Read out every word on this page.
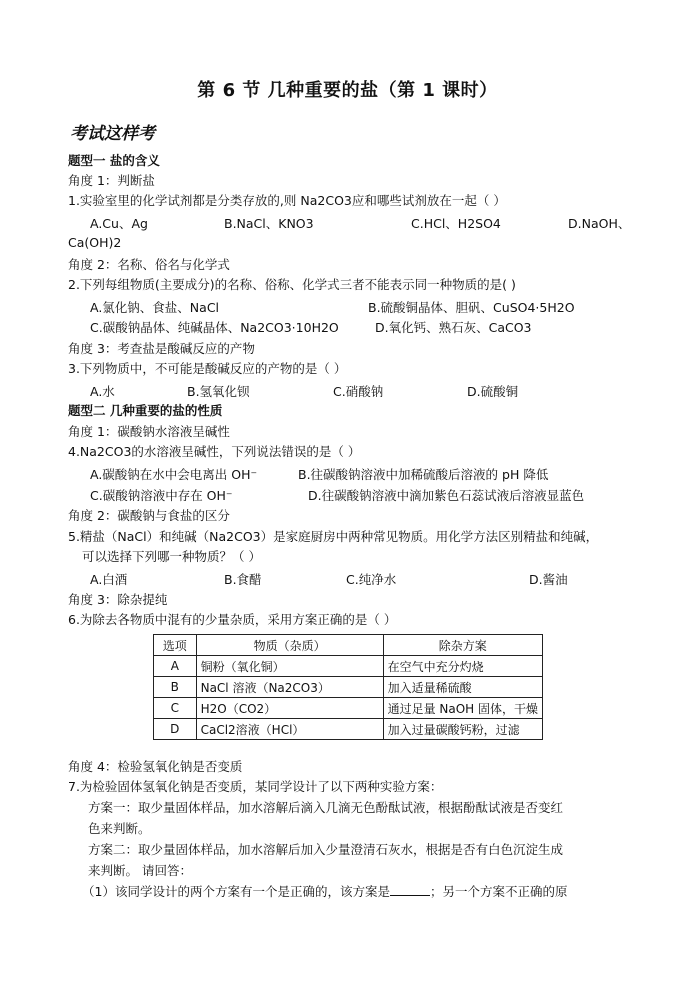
第 6 节 几种重要的盐（第 1 课时）
考试这样考
题型一 盐的含义
角度 1：判断盐
1.实验室里的化学试剂都是分类存放的,则 Na2CO3应和哪些试剂放在一起（ ）
A.Cu、Ag	B.NaCl、KNO3	C.HCl、H2SO4	D.NaOH、
Ca(OH)2
角度 2：名称、俗名与化学式
2.下列每组物质(主要成分)的名称、俗称、化学式三者不能表示同一种物质的是( )
A.氯化钠、食盐、NaCl	B.硫酸铜晶体、胆矾、CuSO4·5H2O
C.碳酸钠晶体、纯碱晶体、Na2CO3·10H2O	D.氧化钙、熟石灰、CaCO3
角度 3：考查盐是酸碱反应的产物
3.下列物质中，不可能是酸碱反应的产物的是（ ）
A.水	B.氢氧化钡	C.硝酸钠	D.硫酸铜
题型二 几种重要的盐的性质
角度 1：碳酸钠水溶液呈碱性
4.Na2CO3的水溶液呈碱性，下列说法错误的是（ ）
A.碳酸钠在水中会电离出 OH⁻	B.往碳酸钠溶液中加稀硫酸后溶液的 pH 降低
C.碳酸钠溶液中存在 OH⁻	D.往碳酸钠溶液中滴加紫色石蕊试液后溶液显蓝色
角度 2：碳酸钠与食盐的区分
5.精盐（NaCl）和纯碱（Na2CO3）是家庭厨房中两种常见物质。用化学方法区别精盐和纯碱，
可以选择下列哪一种物质？（ ）
A.白酒	B.食醋	C.纯净水	D.酱油
角度 3：除杂提纯
6.为除去各物质中混有的少量杂质，采用方案正确的是（ ）
选项	物质（杂质）	除杂方案
A	铜粉（氧化铜）	在空气中充分灼烧
B	NaCl 溶液（Na2CO3）	加入适量稀硫酸
C	H2O（CO2）	通过足量 NaOH 固体，干燥
D	CaCl2溶液（HCl）	加入过量碳酸钙粉，过滤
角度 4：检验氢氧化钠是否变质
7.为检验固体氢氧化钠是否变质，某同学设计了以下两种实验方案：
方案一：取少量固体样品，加水溶解后滴入几滴无色酚酞试液，根据酚酞试液是否变红
色来判断。
方案二：取少量固体样品，加水溶解后加入少量澄清石灰水，根据是否有白色沉淀生成
来判断。 请回答：
（1）该同学设计的两个方案有一个是正确的，该方案是	；另一个方案不正确的原
